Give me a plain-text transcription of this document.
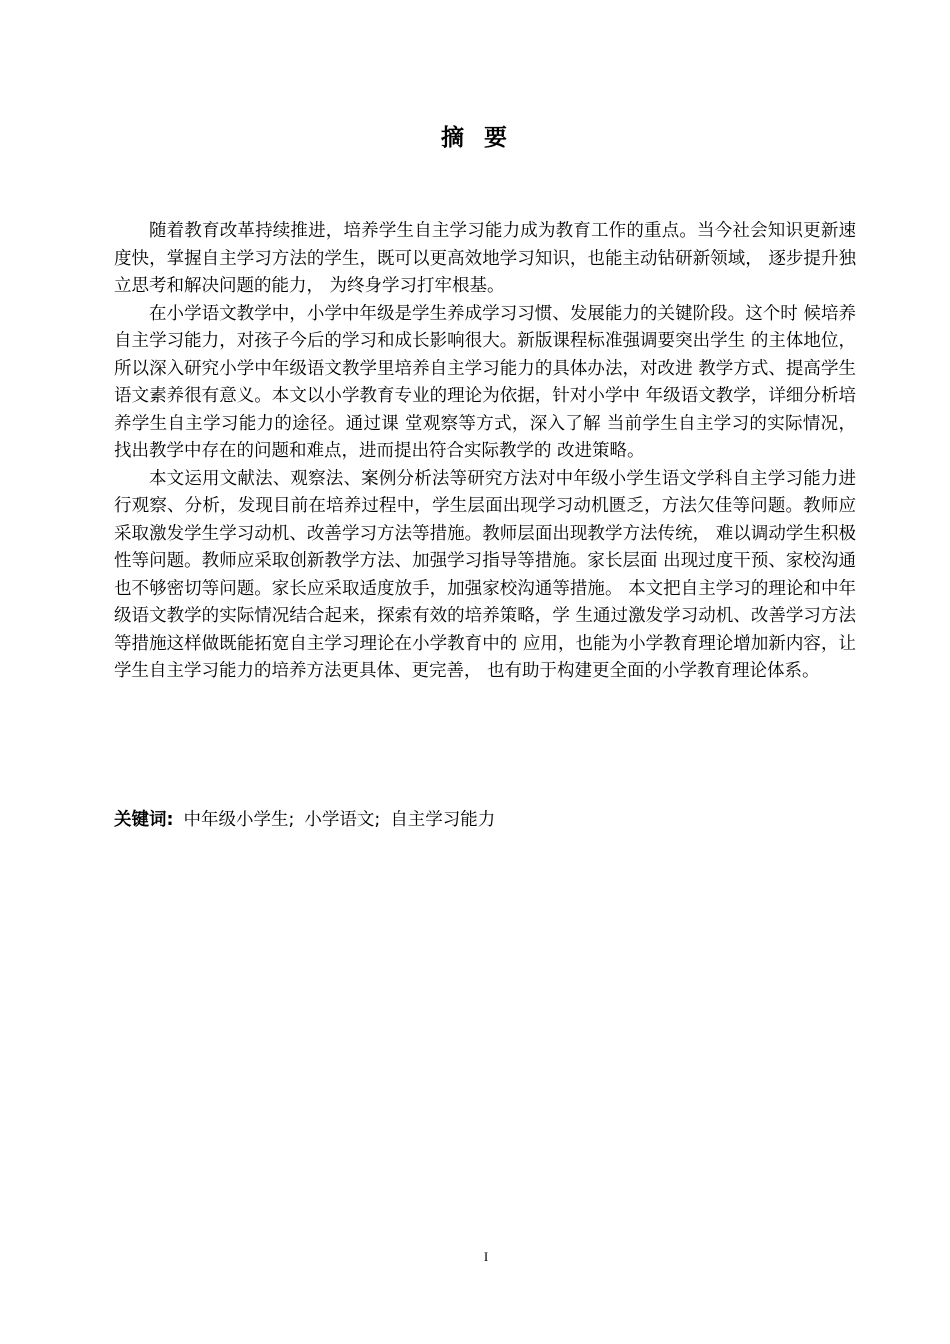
摘要

随着教育改革持续推进，培养学生自主学习能力成为教育工作的重点。当今社会知识更新速度快，掌握自主学习方法的学生，既可以更高效地学习知识，也能主动钻研新领域， 逐步提升独立思考和解决问题的能力， 为终身学习打牢根基。

在小学语文教学中，小学中年级是学生养成学习习惯、发展能力的关键阶段。这个时 候培养自主学习能力，对孩子今后的学习和成长影响很大。新版课程标准强调要突出学生 的主体地位，所以深入研究小学中年级语文教学里培养自主学习能力的具体办法，对改进 教学方式、提高学生语文素养很有意义。本文以小学教育专业的理论为依据，针对小学中 年级语文教学，详细分析培养学生自主学习能力的途径。通过课 堂观察等方式，深入了解 当前学生自主学习的实际情况，找出教学中存在的问题和难点，进而提出符合实际教学的 改进策略。

本文运用文献法、观察法、案例分析法等研究方法对中年级小学生语文学科自主学习能力进行观察、分析，发现目前在培养过程中，学生层面出现学习动机匮乏，方法欠佳等问题。教师应采取激发学生学习动机、改善学习方法等措施。教师层面出现教学方法传统， 难以调动学生积极性等问题。教师应采取创新教学方法、加强学习指导等措施。家长层面 出现过度干预、家校沟通也不够密切等问题。家长应采取适度放手，加强家校沟通等措施。 本文把自主学习的理论和中年级语文教学的实际情况结合起来，探索有效的培养策略，学 生通过激发学习动机、改善学习方法等措施这样做既能拓宽自主学习理论在小学教育中的 应用，也能为小学教育理论增加新内容，让学生自主学习能力的培养方法更具体、更完善， 也有助于构建更全面的小学教育理论体系。

关键词: 中年级小学生; 小学语文; 自主学习能力
I
